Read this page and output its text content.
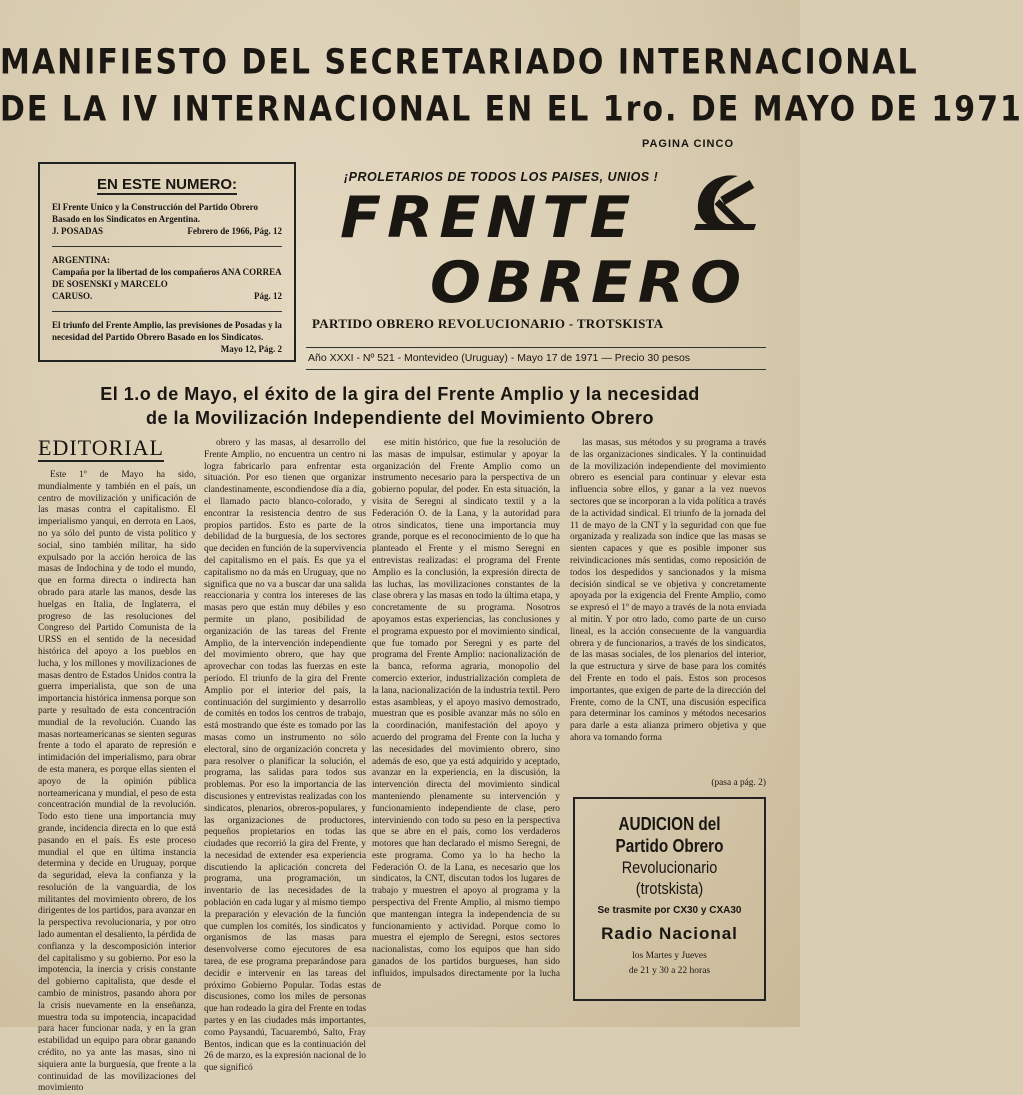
MANIFIESTO DEL SECRETARIADO INTERNACIONAL
DE LA IV INTERNACIONAL EN EL 1ro. DE MAYO DE 1971
PAGINA CINCO
EN ESTE NUMERO:

El Frente Unico y la Construcción del Partido Obrero Basado en los Sindicatos en Argentina.

J. POSADAS	Febrero de 1966, Pág. 12

ARGENTINA:
Campaña por la libertad de los compañeros ANA CORREA DE SOSENSKI y MARCELO

CARUSO.	Pág. 12

El triunfo del Frente Amplio, las previsiones de Posadas y la necesidad del Partido Obrero Basado en los Sindicatos.

Mayo 12, Pág. 2

¡PROLETARIOS DE TODOS LOS PAISES, UNIOS !
FRENTE
OBRERO
PARTIDO OBRERO REVOLUCIONARIO - TROTSKISTA
Año XXXI - Nº 521 - Montevideo (Uruguay) - Mayo 17 de 1971 — Precio 30 pesos
El 1.o de Mayo, el éxito de la gira del Frente Amplio y la necesidad
de la Movilización Independiente del Movimiento Obrero
EDITORIAL

Este 1º de Mayo ha sido, mundialmente y también en el país, un centro de movilización y unificación de las masas contra el capitalismo. El imperialismo yanqui, en derrota en Laos, no ya sólo del punto de vista político y social, sino también militar, ha sido expulsado por la acción heroica de las masas de Indochina y de todo el mundo, que en forma directa o indirecta han obrado para atarle las manos, desde las huelgas en Italia, de Inglaterra, el progreso de las resoluciones del Congreso del Partido Comunista de la URSS en el sentido de la necesidad histórica del apoyo a los pueblos en lucha, y los millones y movilizaciones de masas dentro de Estados Unidos contra la guerra imperialista, que son de una importancia histórica inmensa porque son parte y resultado de esta concentración mundial de la revolución. Cuando las masas norteamericanas se sienten seguras frente a todo el aparato de represión e intimidación del imperialismo, para obrar de esta manera, es porque ellas sienten el apoyo de la opinión pública norteamericana y mundial, el peso de esta concentración mundial de la revolución. Todo esto tiene una importancia muy grande, incidencia directa en lo que está pasando en el país. Es este proceso mundial el que en última instancia determina y decide en Uruguay, porque da seguridad, eleva la confianza y la resolución de la vanguardia, de los militantes del movimiento obrero, de los dirigentes de los partidos, para avanzar en la perspectiva revolucionaria, y por otro lado aumentan el desaliento, la pérdida de confianza y la descomposición interior del capitalismo y su gobierno. Por eso la impotencia, la inercia y crisis constante del gobierno capitalista, que desde el cambio de ministros, pasando ahora por la crisis nuevamente en la enseñanza, muestra toda su impotencia, incapacidad para hacer funcionar nada, y en la gran estabilidad un equipo para obrar ganando crédito, no ya ante las masas, sino ni siquiera ante la burguesía, que frente a la continuidad de las movilizaciones del movimiento

obrero y las masas, al desarrollo del Frente Amplio, no encuentra un centro ni logra fabricarlo para enfrentar esta situación. Por eso tienen que organizar clandestinamente, escondiendose día a día, el llamado pacto blanco-colorado, y encontrar la resistencia dentro de sus propios partidos. Esto es parte de la debilidad de la burguesía, de los sectores que deciden en función de la supervivencia del capitalismo en el país. Es que ya el capitalismo no da más en Uruguay, que no significa que no va a buscar dar una salida reaccionaria y contra los intereses de las masas pero que están muy débiles y eso permite un plano, posibilidad de organización de las tareas del Frente Amplio, de la intervención independiente del movimiento obrero, que hay que aprovechar con todas las fuerzas en este período. El triunfo de la gira del Frente Amplio por el interior del país, la continuación del surgimiento y desarrollo de comités en todos los centros de trabajo, está mostrando que éste es tomado por las masas como un instrumento no sólo electoral, sino de organización concreta y para resolver o planificar la solución, el programa, las salidas para todos sus problemas. Por eso la importancia de las discusiones y entrevistas realizadas con los sindicatos, plenarios, obreros-populares, y las organizaciones de productores, pequeños propietarios en todas las ciudades que recorrió la gira del Frente, y la necesidad de extender esa experiencia discutiendo la aplicación concreta del programa, una programación, un inventario de las necesidades de la población en cada lugar y al mismo tiempo la preparación y elevación de la función que cumplen los comités, los sindicatos y organismos de las masas para desenvolverse como ejecutores de esa tarea, de ese programa preparándose para decidir e intervenir en las tareas del próximo Gobierno Popular. Todas estas discusiones, como los miles de personas que han rodeado la gira del Frente en todas partes y en las ciudades más importantes, como Paysandú, Tacuarembó, Salto, Fray Bentos, indican que es la continuación del 26 de marzo, es la expresión nacional de lo que significó

ese mitin histórico, que fue la resolución de las masas de impulsar, estimular y apoyar la organización del Frente Amplio como un instrumento necesario para la perspectiva de un gobierno popular, del poder. En esta situación, la visita de Seregni al sindicato textil y a la Federación O. de la Lana, y la autoridad para otros sindicatos, tiene una importancia muy grande, porque es el reconocimiento de lo que ha planteado el Frente y el mismo Seregni en entrevistas realizadas: el programa del Frente Amplio es la conclusión, la expresión directa de las luchas, las movilizaciones constantes de la clase obrera y las masas en todo la última etapa, y concretamente de su programa. Nosotros apoyamos estas experiencias, las conclusiones y el programa expuesto por el movimiento sindical, que fue tomado por Seregni y es parte del programa del Frente Amplio: nacionalización de la banca, reforma agraria, monopolio del comercio exterior, industrialización completa de la lana, nacionalización de la industria textil. Pero estas asambleas, y el apoyo masivo demostrado, muestran que es posible avanzar más no sólo en la coordinación, manifestación del apoyo y acuerdo del programa del Frente con la lucha y las necesidades del movimiento obrero, sino además de eso, que ya está adquirido y aceptado, avanzar en la experiencia, en la discusión, la intervención directa del movimiento sindical manteniendo plenamente su intervención y funcionamiento independiente de clase, pero interviniendo con todo su peso en la perspectiva que se abre en el país, como los verdaderos motores que han declarado el mismo Seregni, de este programa. Como ya lo ha hecho la Federación O. de la Lana, es necesario que los sindicatos, la CNT, discutan todos los lugares de trabajo y muestren el apoyo al programa y la perspectiva del Frente Amplio, al mismo tiempo que mantengan íntegra la independencia de su funcionamiento y actividad. Porque como lo muestra el ejemplo de Seregni, estos sectores nacionalistas, como los equipos que han sido ganados de los partidos burgueses, han sido influidos, impulsados directamente por la lucha de

las masas, sus métodos y su programa a través de las organizaciones sindicales. Y la continuidad de la movilización independiente del movimiento obrero es esencial para continuar y elevar esta influencia sobre ellos, y ganar a la vez nuevos sectores que se incorporan a la vida política a través de la actividad sindical. El triunfo de la jornada del 11 de mayo de la CNT y la seguridad con que fue organizada y realizada son índice que las masas se sienten capaces y que es posible imponer sus reivindicaciones más sentidas, como reposición de todos los despedidos y sancionados y la misma decisión sindical se ve objetiva y concretamente apoyada por la exigencia del Frente Amplio, como se expresó el 1º de mayo a través de la nota enviada al mitin. Y por otro lado, como parte de un curso lineal, es la acción consecuente de la vanguardia obrera y de funcionarios, a través de los sindicatos, de las masas sociales, de los plenarios del interior, la que estructura y sirve de base para los comités del Frente en todo el país. Estos son procesos importantes, que exigen de parte de la dirección del Frente, como de la CNT, una discusión específica para determinar los caminos y métodos necesarios para darle a esta alianza primero objetiva y que ahora va tomando forma

(pasa a pág. 2)
AUDICION del
Partido Obrero
Revolucionario
(trotskista)
Se trasmite por CX30 y CXA30
Radio Nacional
los Martes y Jueves
de 21 y 30 a 22 horas
